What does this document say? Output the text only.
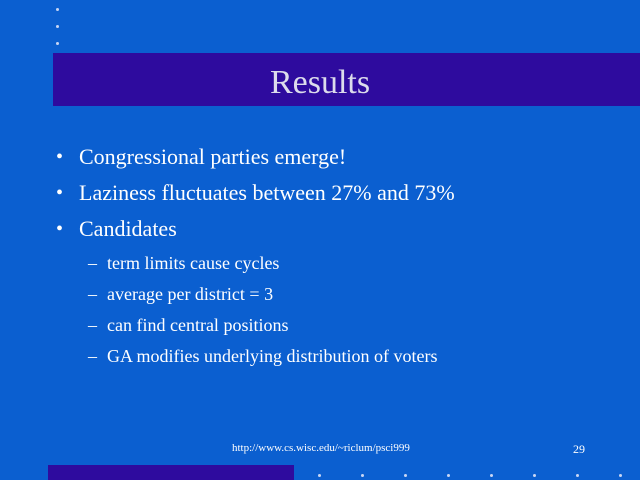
Results
• Congressional parties emerge!
• Laziness fluctuates between 27% and 73%
• Candidates
– term limits cause cycles
– average per district = 3
– can find central positions
– GA modifies underlying distribution of voters
http://www.cs.wisc.edu/~riclum/psci999	29
